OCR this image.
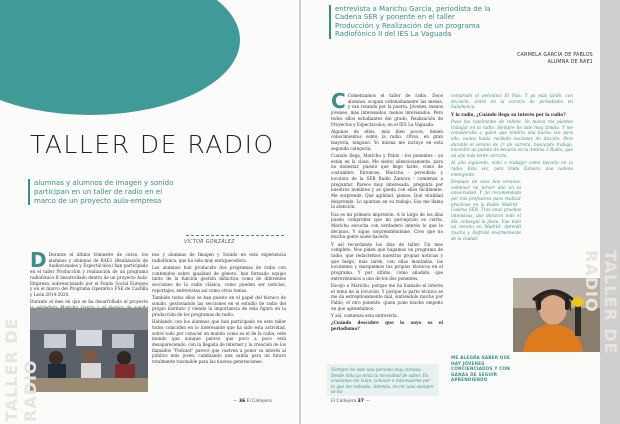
TALLER DE RADIO
alumnas y alumnos de imagen y sonido participan en un taller de radio en el marco de un proyecto aula-empresa
VÍCTOR GONZÁLEZ

D Durante el último trimestre de curso, los alumnos y alumnas de RAE1 (Realización de Audiovisuales y Espectáculos) han participado en el taller Producción y realización de un programa radiofónico II desarrollado dentro de un proyecto Aula-Empresa, subvencionado por el Fondo Social Europeo y en el marco del Programa Operativo FSE de Castilla y León 2014-2020.

Durante el mes en que se ha desarrollado el proyecto

nos y alumnas de Imagen y Sonido en esta experiencia radiofónica, que ha sido muy enriquecedora.

Los alumnos han producido dos programas de radio con contenidos sobre igualdad de género, han formado equipo tanto de la función gestión didáctica como de diferentes secciones de la radio clásica, como pueden ser noticias, reportajes, entrevistas así como otros temas.

También todos ellos se han puesto en el papel del técnico de sonido, gestionando las secciones en el estudio de radio del propio instituto y viendo la importancia de esta figura en la producción de los programas de radio.

Hablando con los alumnos que han participado en este taller todos coinciden en lo interesante que ha sido esta actividad, sobre todo por conocer un mundo como es el de la radio; este mundo que aunque parece que poco a poco está desapareciendo, con la llegada de internet y la creación de los llamados "Podcast" parece que vuelven a poner su interés al público más joven, cambiando una salida para un futuro totalmente razonable para las nuevas generaciones.

TALLER DE RADIO	— 36 El Callejero
entrevista a Marichu García, periodista de la Cadena SER y ponente en el taller Producción y Realización de un programa Radiofónico II del IES La Vaguada
CARMELA GARCÍA DE PABLOS
ALUMNA DE RAE1

C Comenzamos el taller de radio. Doce alumnos ocupan ordenadamente las mesas, y van rotando por la puerta. Jóvenes, menos jóvenes, más interesados, menos interesados. Pero todos ellos estudiantes del grado, Realización de Proyectos y Espectáculos, en el IES La Vaguada.

Algunos de ellos, más bien pocos, tienen conocimientos sobre la radio. Otros, en gran mayoría, ninguno. Yo misma me incluyo en esta segunda categoría.

Cuando llega, Marichu y Pablo - los ponentes - ya están en la clase. Me siento silenciosamente, para no molestar, puesto que llego tarde, como de costumbre. Entonces, Marichu - periodista y locutora de la SER Radio Zamora - comienza a preguntar. Parece muy interesada, pregunta por nuestros nombres y se queda con ellos fácilmente. Me sorprende. Qué agilidad, pienso. Qué vitalidad desprende. Lo apuntan en su trabajo. Eso me llama la atención.

Esa es mi primera impresión. A lo largo de los días puedo comprobar que mi percepción es cierta. Marichu escucha con verdadero interés lo que le decimos. Y sigue sorprendiéndome. Creo que no mucha gente suele hacerlo.

Y así recordando los días de taller. Un mes completo. Nos piden que hagamos un programa de radio, que redactemos nuestras propias noticias y que luego, más tarde, con ellas montadas, las locutemos y marquemos tus propios técnicos en el programa. Y por último, como añadido, que entrevistemos a uno de los dos ponentes.

Escojo a Marichu, porque me ha llamado el interés el tema de la locución. Y porque la parte técnica se me da estrepitosamente mal, sintiéndolo mucho por Pablo, el otro ponente, quien pone mucho empeño en que aprendamos.

Y así, comienza esta entrevista.

¿Cuándo descubre que lo suyo es el periodismo?

Siempre he sido una persona muy curiosa. Desde niña ya tenía la necesidad de saber. En ocasiones me leían, conocer e interesarme por lo que me rodeaba. Además, en mi casa siempre se ha

comprado el periódico El País. Y ya más tarde, con decisión, entré en la carrera de periodismo en Salamanca.

Y la radio, ¿Cuándo llega su interés por la radio?

Pues fue totalmente de rebote. Yo nunca me planteé trabajar en la radio. Siempre he sido muy tímida. Y me consideraba a quien que tendría una buena voz para ello, nunca había recibido nociones de dicción. Pero durante el verano de 2º de carrera, buscando trabajo, encontré un puesto de becaria en la Antena 3 Radio, que un año más tarde cerraría.

Al año siguiente, volví a trabajar como becaria en la radio. Esta vez, para Onda Zamora, una cadena emergente.

Después de esos dos veranos, comencé mi tercer año en la universidad. Y fui recomendada por mis profesores para realizar prácticas en la Radio Madrid - Cadena SER. Tras unas pruebas intensivas, que duraron todo el día, conseguí la plaza. Fue todo un verano en Madrid. Aprendí mucho y disfruté enormemente de la ciudad.

ME ALEGRA SABER QUE HAY JÓVENES CONCIENCIADOS Y CON GANAS DE SEGUIR APRENDIENDO
TALLER DE RADIO
El Callejero 37 —
